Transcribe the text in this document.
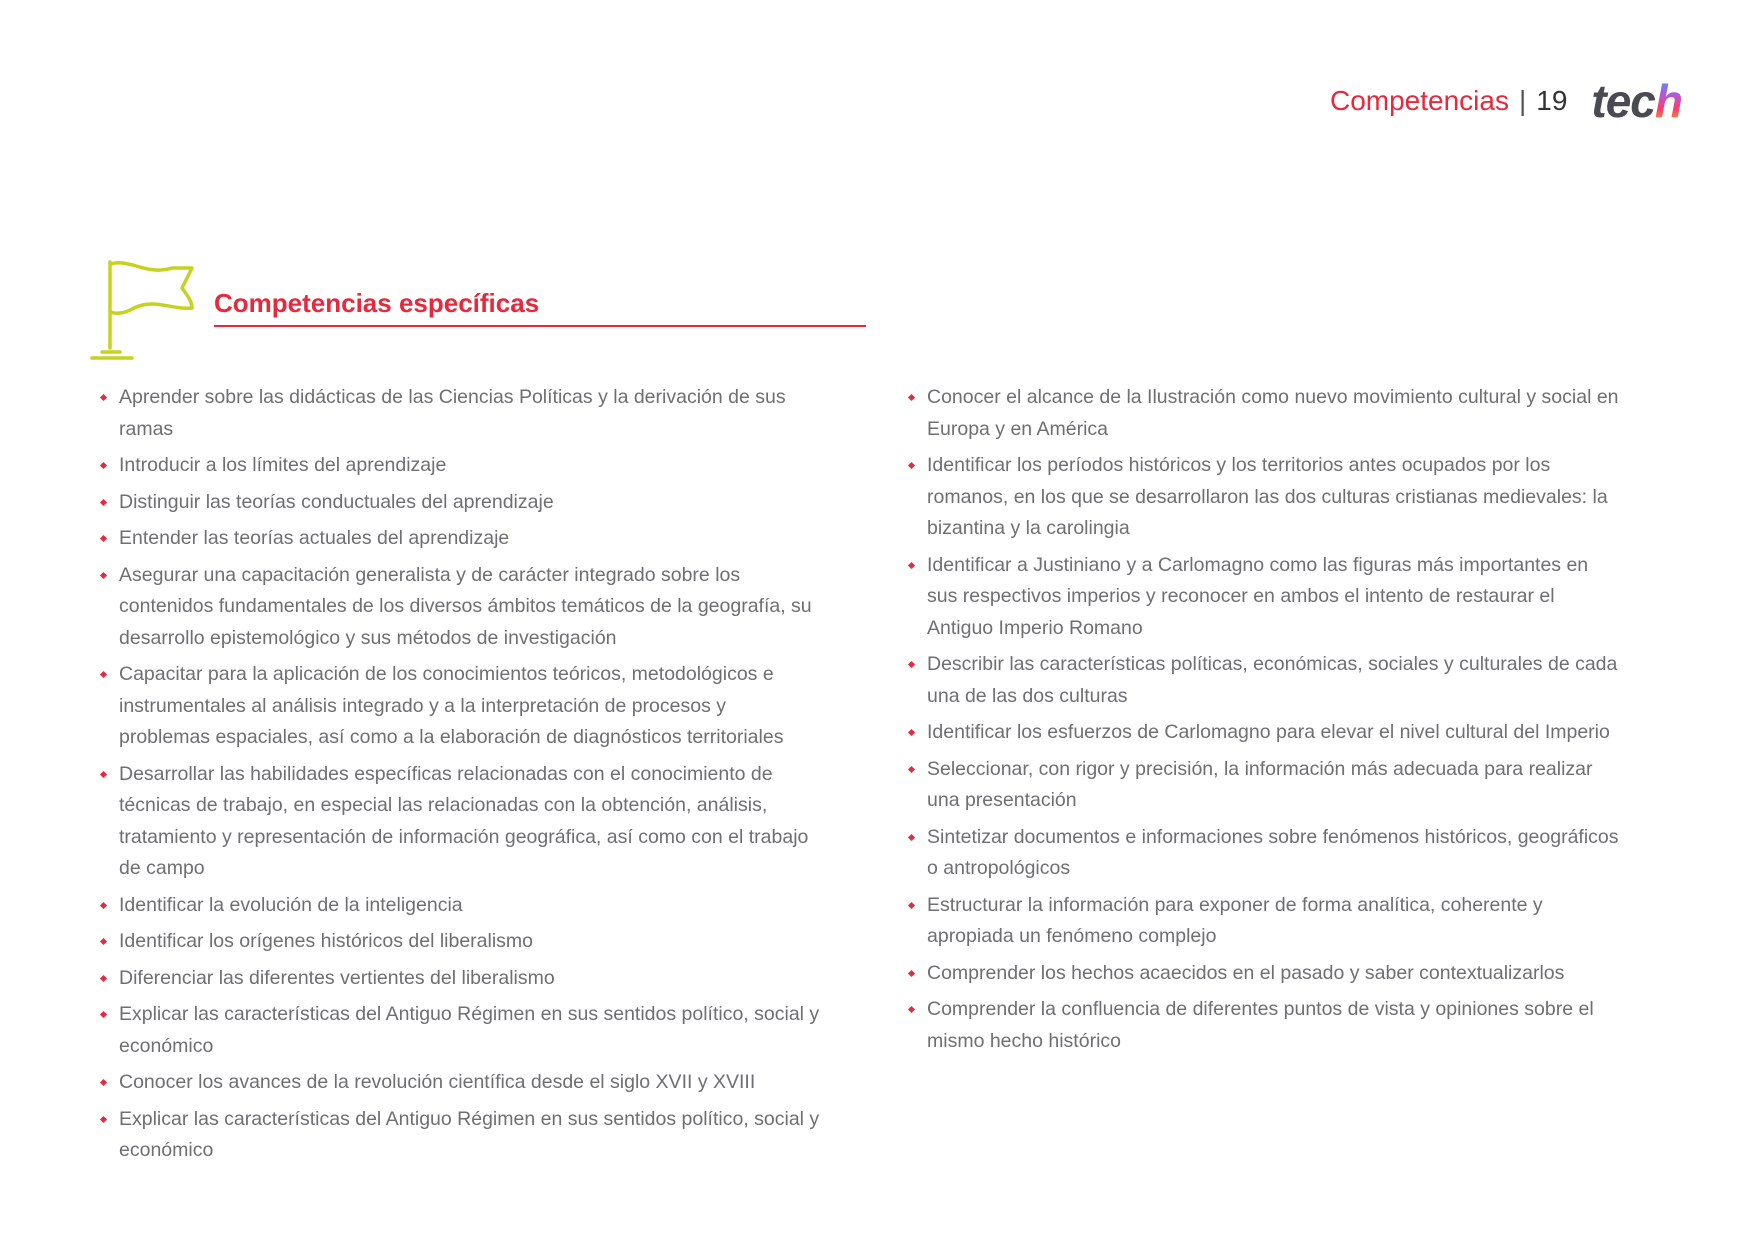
Competencias | 19 tech
Competencias específicas
Aprender sobre las didácticas de las Ciencias Políticas y la derivación de sus ramas
Introducir a los límites del aprendizaje
Distinguir las teorías conductuales del aprendizaje
Entender las teorías actuales del aprendizaje
Asegurar una capacitación generalista y de carácter integrado sobre los contenidos fundamentales de los diversos ámbitos temáticos de la geografía, su desarrollo epistemológico y sus métodos de investigación
Capacitar para la aplicación de los conocimientos teóricos, metodológicos e instrumentales al análisis integrado y a la interpretación de procesos y problemas espaciales, así como a la elaboración de diagnósticos territoriales
Desarrollar las habilidades específicas relacionadas con el conocimiento de técnicas de trabajo, en especial las relacionadas con la obtención, análisis, tratamiento y representación de información geográfica, así como con el trabajo de campo
Identificar la evolución de la inteligencia
Identificar los orígenes históricos del liberalismo
Diferenciar las diferentes vertientes del liberalismo
Explicar las características del Antiguo Régimen en sus sentidos político, social y económico
Conocer los avances de la revolución científica desde el siglo XVII y XVIII
Explicar las características del Antiguo Régimen en sus sentidos político, social y económico
Conocer el alcance de la Ilustración como nuevo movimiento cultural y social en Europa y en América
Identificar los períodos históricos y los territorios antes ocupados por los romanos, en los que se desarrollaron las dos culturas cristianas medievales: la bizantina y la carolingia
Identificar a Justiniano y a Carlomagno como las figuras más importantes en sus respectivos imperios y reconocer en ambos el intento de restaurar el Antiguo Imperio Romano
Describir las características políticas, económicas, sociales y culturales de cada una de las dos culturas
Identificar los esfuerzos de Carlomagno para elevar el nivel cultural del Imperio
Seleccionar, con rigor y precisión, la información más adecuada para realizar una presentación
Sintetizar documentos e informaciones sobre fenómenos históricos, geográficos o antropológicos
Estructurar la información para exponer de forma analítica, coherente y apropiada un fenómeno complejo
Comprender los hechos acaecidos en el pasado y saber contextualizarlos
Comprender la confluencia de diferentes puntos de vista y opiniones sobre el mismo hecho histórico
